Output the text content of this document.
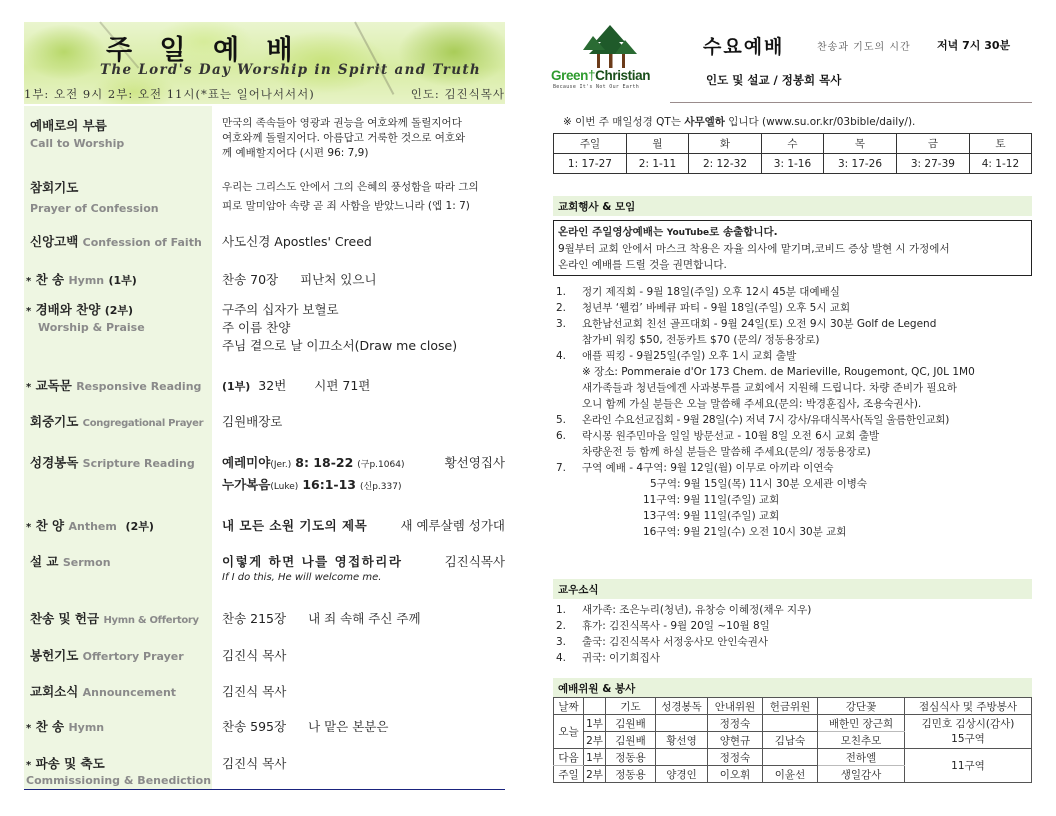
주 일 예 배
The Lord's Day Worship in Spirit and Truth
1부: 오전 9시 2부: 오전 11시(*표는 일어나서서서)	인도: 김진식목사
예배로의 부름
Call to Worship
만국의 족속들아 영광과 권능을 여호와께 돌릴지어다
여호와께 돌릴지어다. 아름답고 거룩한 것으로 여호와
께 예배할지어다 (시편 96: 7,9)
참회기도
Prayer of Confession
우리는 그리스도 안에서 그의 은혜의 풍성함을 따라 그의
피로 말미암아 속량 곧 죄 사함을 받았느니라 (엡 1: 7)
신앙고백 Confession of Faith	사도신경 Apostles' Creed
* 찬 송 Hymn (1부)	찬송 70장 피난처 있으니
* 경배와 찬양 (2부)
Worship & Praise
구주의 십자가 보혈로
주 이름 찬양
주님 곁으로 날 이끄소서(Draw me close)
* 교독문 Responsive Reading	(1부) 32번 시편 71편
회중기도 Congregational Prayer	김원배장로
성경봉독 Scripture Reading	예레미야(Jer.) 8: 18-22 (구p.1064)	황선영집사
누가복음(Luke) 16:1-13 (신p.337)
* 찬 양 Anthem (2부)	내 모든 소원 기도의 제목	새 예루살렘 성가대
설 교 Sermon	이렇게 하면 나를 영접하리라	김진식목사
If I do this, He will welcome me.
찬송 및 헌금 Hymn & Offertory	찬송 215장 내 죄 속해 주신 주께
봉헌기도 Offertory Prayer	김진식 목사
교회소식 Announcement	김진식 목사
* 찬 송 Hymn	찬송 595장 나 맡은 본분은
* 파송 및 축도
Commissioning & Benediction
김진식 목사
Green†Christian
Because It's Not Our Earth
수요예배	찬송과 기도의 시간 저녁 7시 30분
인도 및 설교 / 정봉희 목사
※ 이번 주 매일성경 QT는 사무엘하 입니다 (www.su.or.kr/03bible/daily/).
주일	월	화	수	목	금	토
1: 17-27	2: 1-11	2: 12-32	3: 1-16	3: 17-26	3: 27-39	4: 1-12
교회행사 & 모임
온라인 주일영상예배는 YouTube로 송출합니다.
9월부터 교회 안에서 마스크 착용은 자율 의사에 맡기며,코비드 증상 발현 시 가정에서
온라인 예배를 드릴 것을 권면합니다.
1. 정기 제직회 - 9월 18일(주일) 오후 12시 45분 대예배실
2. 청년부 ‘웰컴’ 바베큐 파티 - 9월 18일(주일) 오후 5시 교회
3. 요한남선교회 친선 골프대회 - 9월 24일(토) 오전 9시 30분 Golf de Legend
참가비 워킹 $50, 전동카트 $70 (문의/ 정동용장로)
4. 애플 픽킹 - 9월25일(주일) 오후 1시 교회 출발
※ 장소: Pommeraie d'Or 173 Chem. de Marieville, Rougemont, QC, J0L 1M0
새가족들과 청년들에겐 사과봉투를 교회에서 지원해 드립니다. 차량 준비가 필요하
오니 함께 가실 분들은 오늘 말씀해 주세요(문의: 박경훈집사, 조용숙권사).
5. 온라인 수요선교집회 - 9월 28일(수) 저녁 7시 강사/유대식목사(독일 울름한인교회)
6. 락시몽 원주민마을 일일 방문선교 - 10월 8일 오전 6시 교회 출발
차량운전 등 함께 하실 분들은 말씀해 주세요(문의/ 정동용장로)
7. 구역 예배 - 4구역: 9월 12일(월) 이무로 아끼라 이연숙
5구역: 9월 15일(목) 11시 30분 오세관 이병숙
11구역: 9월 11일(주일) 교회
13구역: 9월 11일(주일) 교회
16구역: 9월 21일(수) 오전 10시 30분 교회
교우소식
1. 새가족: 조은누리(청년), 유창승 이혜정(채우 지우)
2. 휴가: 김진식목사 - 9월 20일 ~10월 8일
3. 출국: 김진식목사 서정웅사모 안인숙권사
4. 귀국: 이기희집사
예배위원 & 봉사
날짜		기도	성경봉독	안내위원	헌금위원	강단꽃	점심식사 및 주방봉사
오늘	1부	김원배		정정숙		배한민 장근희	김민호 김상시(감사)
15구역
	2부	김원배	황선영	양현규	김남숙	모친추모	
다음	1부	정동용		정정숙		전하엘	11구역
주일	2부	정동용	양경인	이오휘	이윤선	생일감사	
